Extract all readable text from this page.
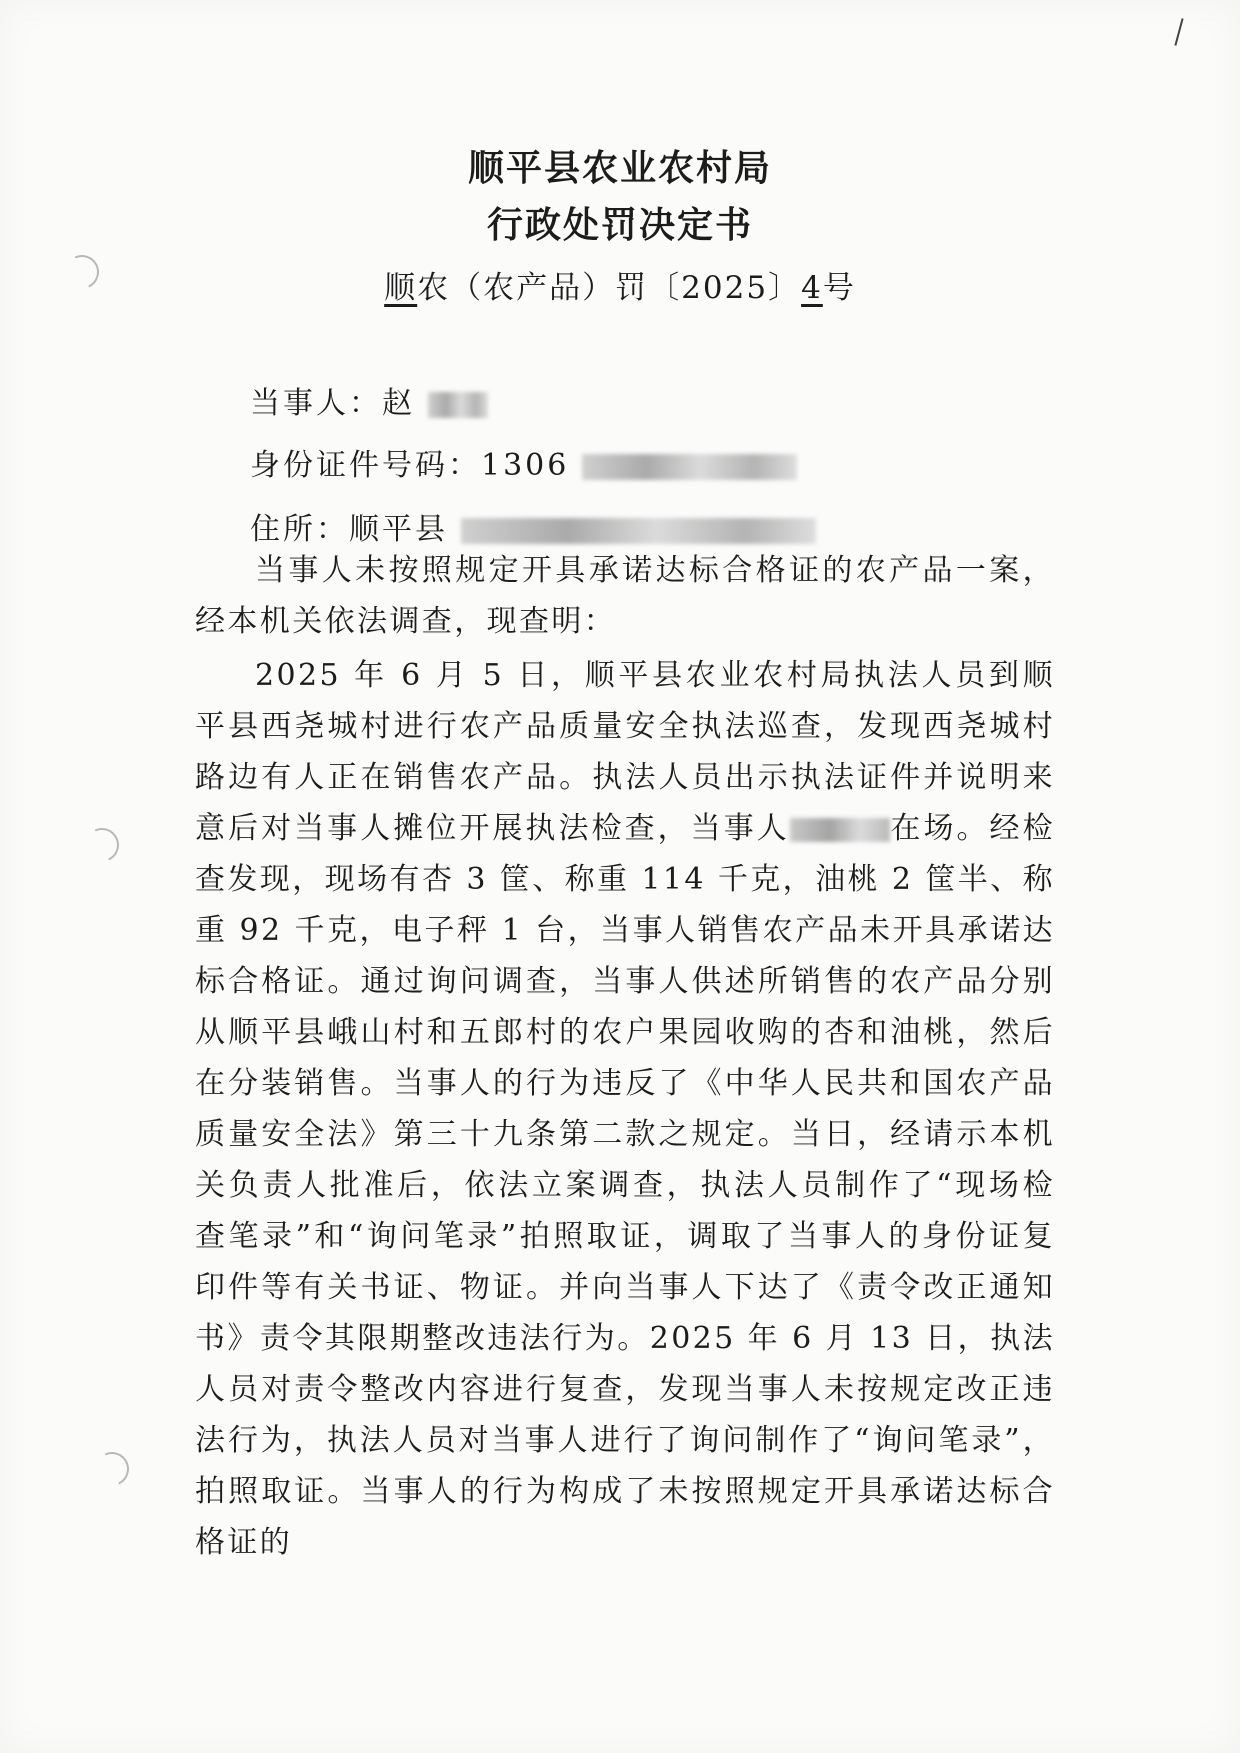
顺平县农业农村局
行政处罚决定书
顺农（农产品）罚〔2025〕4号
当事人：赵
身份证件号码：1306
住所：顺平县

当事人未按照规定开具承诺达标合格证的农产品一案，经本机关依法调查，现查明：

2025 年 6 月 5 日，顺平县农业农村局执法人员到顺平县西尧城村进行农产品质量安全执法巡查，发现西尧城村路边有人正在销售农产品。执法人员出示执法证件并说明来意后对当事人摊位开展执法检查，当事人	在场。经检查发现，现场有杏 3 筐、称重 114 千克，油桃 2 筐半、称重 92 千克，电子秤 1 台，当事人销售农产品未开具承诺达标合格证。通过询问调查，当事人供述所销售的农产品分别从顺平县峨山村和五郎村的农户果园收购的杏和油桃，然后在分装销售。当事人的行为违反了《中华人民共和国农产品质量安全法》第三十九条第二款之规定。当日，经请示本机关负责人批准后，依法立案调查，执法人员制作了“现场检查笔录”和“询问笔录”拍照取证，调取了当事人的身份证复印件等有关书证、物证。并向当事人下达了《责令改正通知书》责令其限期整改违法行为。2025 年 6 月 13 日，执法人员对责令整改内容进行复查，发现当事人未按规定改正违法行为，执法人员对当事人进行了询问制作了“询问笔录”，拍照取证。当事人的行为构成了未按照规定开具承诺达标合格证的
